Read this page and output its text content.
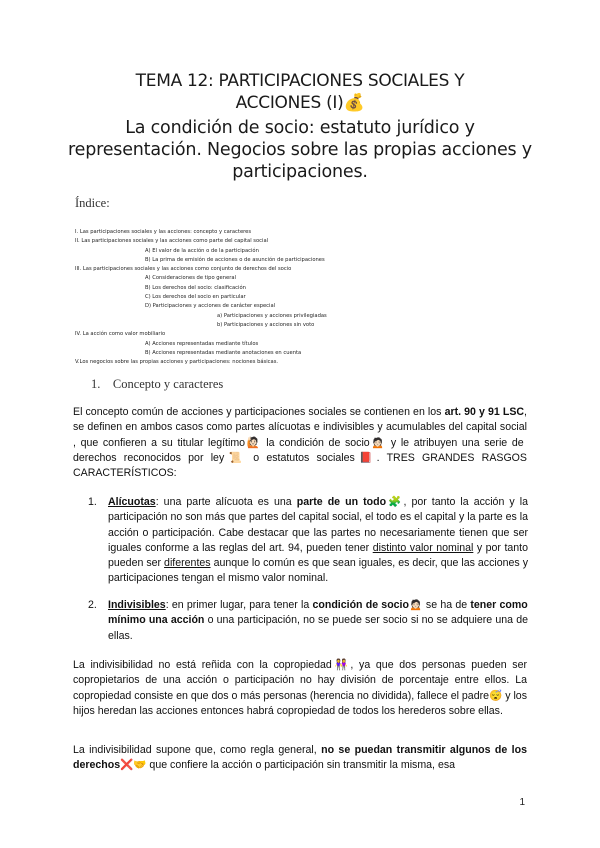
TEMA 12: PARTICIPACIONES SOCIALES Y
ACCIONES (I)💰
La condición de socio: estatuto jurídico y representación. Negocios sobre las propias acciones y participaciones.
Índice:
I. Las participaciones sociales y las acciones: concepto y caracteres
II. Las participaciones sociales y las acciones como parte del capital social
A) El valor de la acción o de la participación
B) La prima de emisión de acciones o de asunción de participaciones
III. Las participaciones sociales y las acciones como conjunto de derechos del socio
A) Consideraciones de tipo general
B) Los derechos del socio: clasificación
C) Los derechos del socio en particular
D) Participaciones y acciones de carácter especial
a) Participaciones y acciones privilegiadas
b) Participaciones y acciones sin voto
IV. La acción como valor mobiliario
A) Acciones representadas mediante títulos
B) Acciones representadas mediante anotaciones en cuenta
V.Los negocios sobre las propias acciones y participaciones: nociones básicas.
1. Concepto y caracteres
El concepto común de acciones y participaciones sociales se contienen en los art. 90 y 91 LSC, se definen en ambos casos como partes alícuotas e indivisibles y acumulables del capital social , que confieren a su titular legítimo🙋🏻 la condición de socio🙍🏻 y le atribuyen una serie de derechos reconocidos por ley📜 o estatutos sociales📕. TRES GRANDES RASGOS CARACTERÍSTICOS:
1. Alícuotas: una parte alícuota es una parte de un todo🧩, por tanto la acción y la participación no son más que partes del capital social, el todo es el capital y la parte es la acción o participación. Cabe destacar que las partes no necesariamente tienen que ser iguales conforme a las reglas del art. 94, pueden tener distinto valor nominal y por tanto pueden ser diferentes aunque lo común es que sean iguales, es decir, que las acciones y participaciones tengan el mismo valor nominal.
2. Indivisibles: en primer lugar, para tener la condición de socio🙍🏻 se ha de tener como mínimo una acción o una participación, no se puede ser socio si no se adquiere una de ellas.
La indivisibilidad no está reñida con la copropiedad👭, ya que dos personas pueden ser copropietarios de una acción o participación no hay división de porcentaje entre ellos. La copropiedad consiste en que dos o más personas (herencia no dividida), fallece el padre😴 y los hijos heredan las acciones entonces habrá copropiedad de todos los herederos sobre ellas.
La indivisibilidad supone que, como regla general, no se puedan transmitir algunos de los derechos❌🤝 que confiere la acción o participación sin transmitir la misma, esa
1
